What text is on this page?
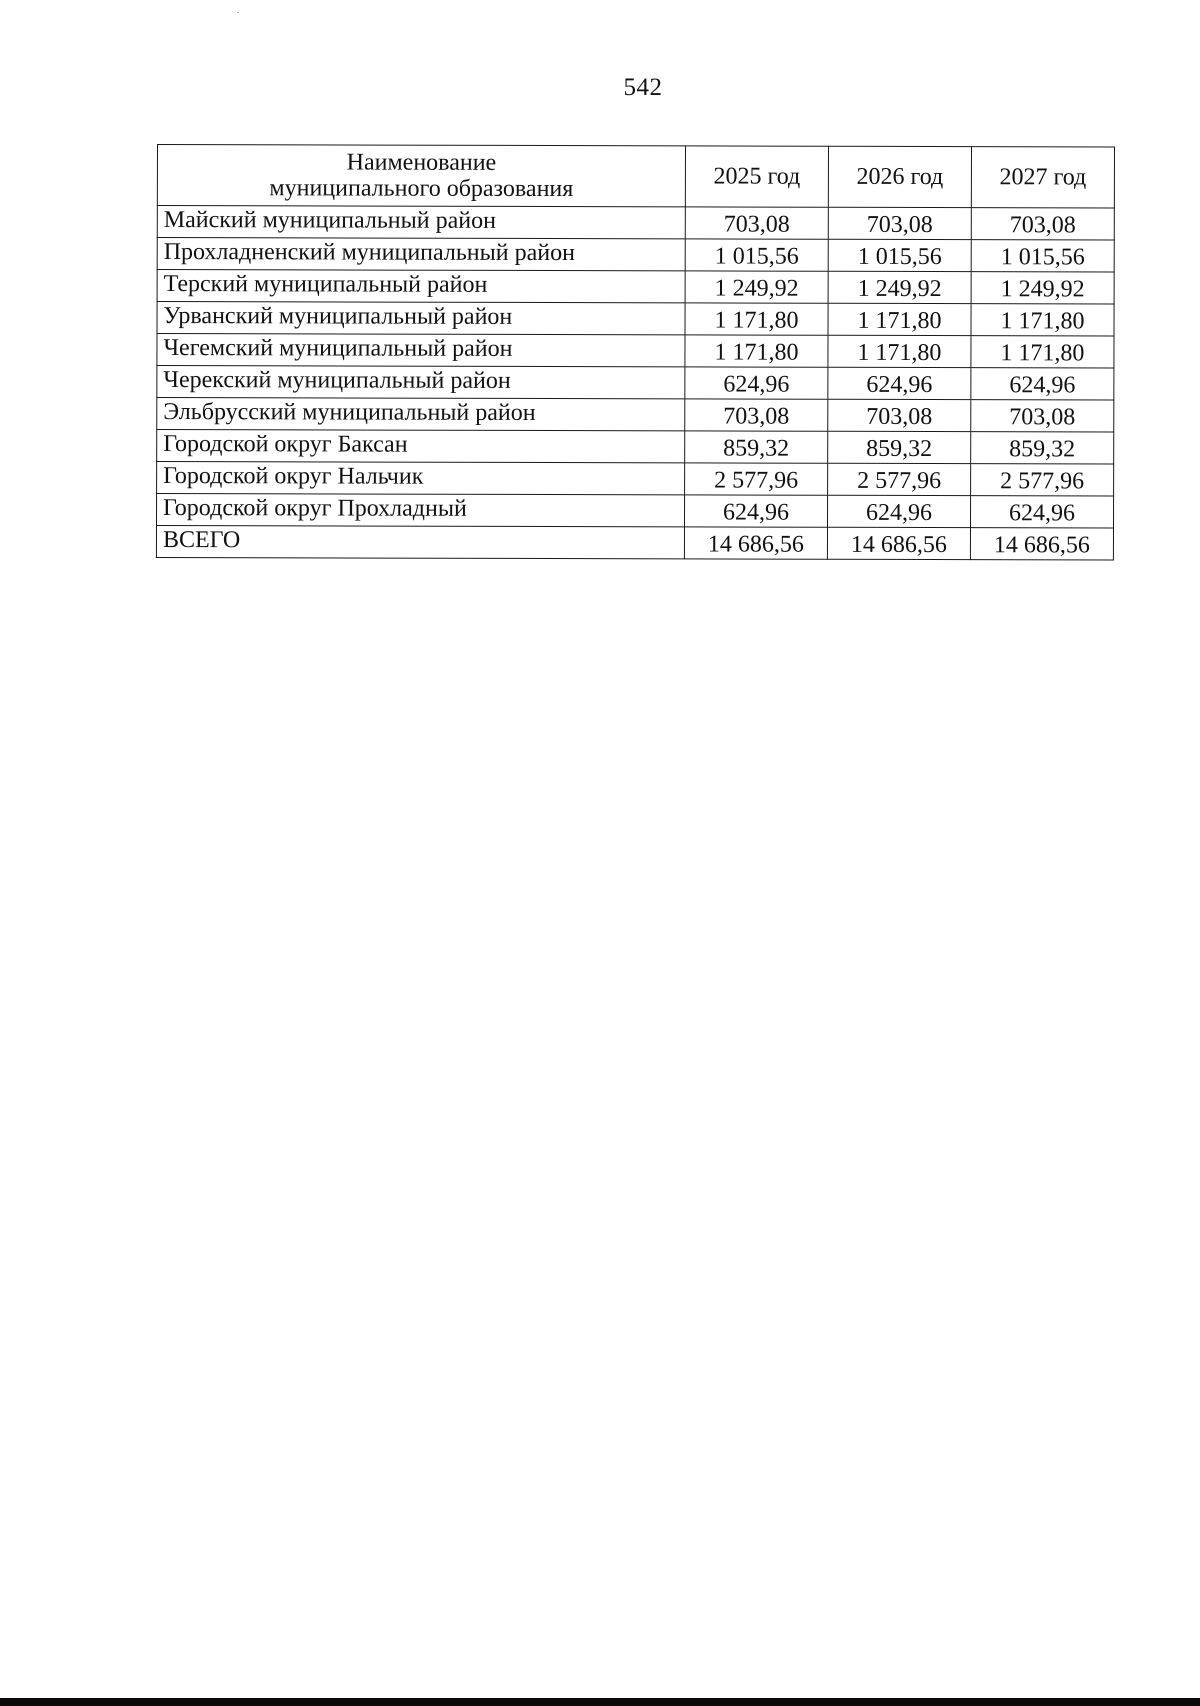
542
Наименование
муниципального образования	2025 год	2026 год	2027 год
Майский муниципальный район	703,08	703,08	703,08
Прохладненский муниципальный район	1 015,56	1 015,56	1 015,56
Терский муниципальный район	1 249,92	1 249,92	1 249,92
Урванский муниципальный район	1 171,80	1 171,80	1 171,80
Чегемский муниципальный район	1 171,80	1 171,80	1 171,80
Черекский муниципальный район	624,96	624,96	624,96
Эльбрусский муниципальный район	703,08	703,08	703,08
Городской округ Баксан	859,32	859,32	859,32
Городской округ Нальчик	2 577,96	2 577,96	2 577,96
Городской округ Прохладный	624,96	624,96	624,96
ВСЕГО	14 686,56	14 686,56	14 686,56
